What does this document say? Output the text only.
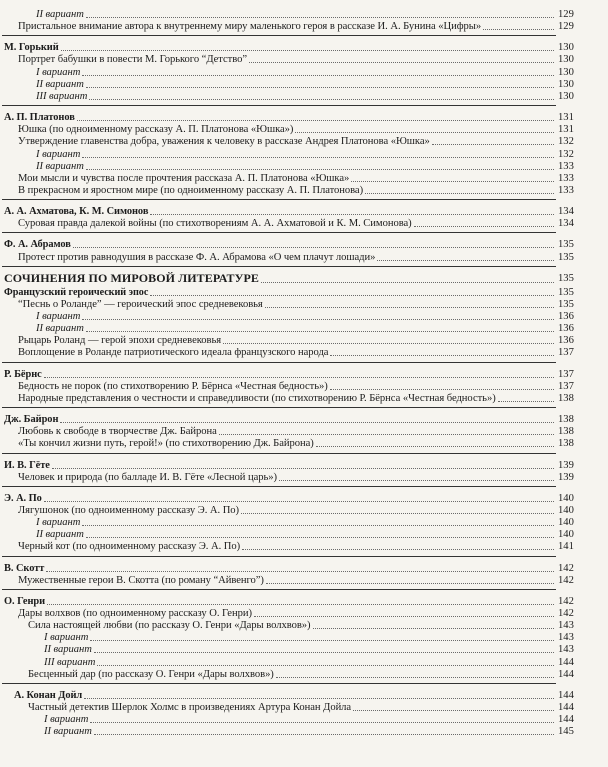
II вариант	129
Пристальное внимание автора к внутреннему миру маленького героя в рассказе И. А. Бунина «Цифры»	129
М. Горький	130
Портрет бабушки в повести М. Горького “Детство”	130
I вариант	130
II вариант	130
III вариант	130
А. П. Платонов	131
Юшка (по одноименному рассказу А. П. Платонова «Юшка»)	131
Утверждение главенства добра, уважения к человеку в рассказе Андрея Платонова «Юшка»	132
I вариант	132
II вариант	133
Мои мысли и чувства после прочтения рассказа А. П. Платонова «Юшка»	133
В прекрасном и яростном мире (по одноименному рассказу А. П. Платонова)	133
А. А. Ахматова, К. М. Симонов	134
Суровая правда далекой войны (по стихотворениям А. А. Ахматовой и К. М. Симонова)	134
Ф. А. Абрамов	135
Протест против равнодушия в рассказе Ф. А. Абрамова «О чем плачут лошади»	135
СОЧИНЕНИЯ ПО МИРОВОЙ ЛИТЕРАТУРЕ	135
Французский героический эпос	135
“Песнь о Роланде” — героический эпос средневековья	135
I вариант	136
II вариант	136
Рыцарь Роланд — герой эпохи средневековья	136
Воплощение в Роланде патриотического идеала французского народа	137
Р. Бёрнс	137
Бедность не порок (по стихотворению Р. Бёрнса «Честная бедность»)	137
Народные представления о честности и справедливости (по стихотворению Р. Бёрнса «Честная бедность»)	138
Дж. Байрон	138
Любовь к свободе в творчестве Дж. Байрона	138
«Ты кончил жизни путь, герой!» (по стихотворению Дж. Байрона)	138
И. В. Гёте	139
Человек и природа (по балладе И. В. Гёте «Лесной царь»)	139
Э. А. По	140
Лягушонок (по одноименному рассказу Э. А. По)	140
I вариант	140
II вариант	140
Черный кот (по одноименному рассказу Э. А. По)	141
В. Скотт	142
Мужественные герои В. Скотта (по роману “Айвенго”)	142
О. Генри	142
Дары волхвов (по одноименному рассказу О. Генри)	142
Сила настоящей любви (по рассказу О. Генри «Дары волхвов»)	143
I вариант	143
II вариант	143
III вариант	144
Бесценный дар (по рассказу О. Генри «Дары волхвов»)	144
А. Конан Дойл	144
Частный детектив Шерлок Холмс в произведениях Артура Конан Дойла	144
I вариант	144
II вариант	145
